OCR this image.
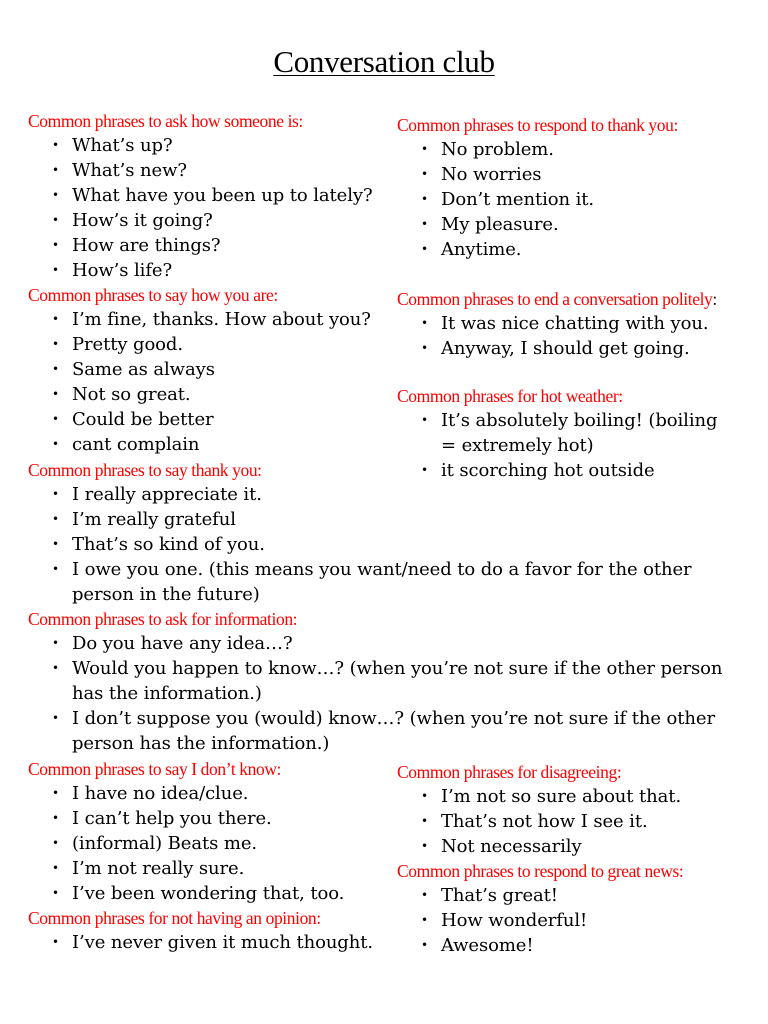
Conversation club
Common phrases to ask how someone is:
• What’s up?
• What’s new?
• What have you been up to lately?
• How’s it going?
• How are things?
• How’s life?
Common phrases to say how you are:
• I’m fine, thanks. How about you?
• Pretty good.
• Same as always
• Not so great.
• Could be better
• cant complain
Common phrases to say thank you:
• I really appreciate it.
• I’m really grateful
• That’s so kind of you.
• I owe you one. (this means you want/need to do a favor for the other person in the future)
Common phrases to ask for information:
• Do you have any idea…?
• Would you happen to know…? (when you’re not sure if the other person has the information.)
• I don’t suppose you (would) know…? (when you’re not sure if the other person has the information.)
Common phrases to say I don’t know:
• I have no idea/clue.
• I can’t help you there.
• (informal) Beats me.
• I’m not really sure.
• I’ve been wondering that, too.
Common phrases for not having an opinion:
• I’ve never given it much thought.
Common phrases to respond to thank you:
• No problem.
• No worries
• Don’t mention it.
• My pleasure.
• Anytime.
Common phrases to end a conversation politely:
• It was nice chatting with you.
• Anyway, I should get going.
Common phrases for hot weather:
• It’s absolutely boiling! (boiling = extremely hot)
• it scorching hot outside
Common phrases for disagreeing:
• I’m not so sure about that.
• That’s not how I see it.
• Not necessarily
Common phrases to respond to great news:
• That’s great!
• How wonderful!
• Awesome!
